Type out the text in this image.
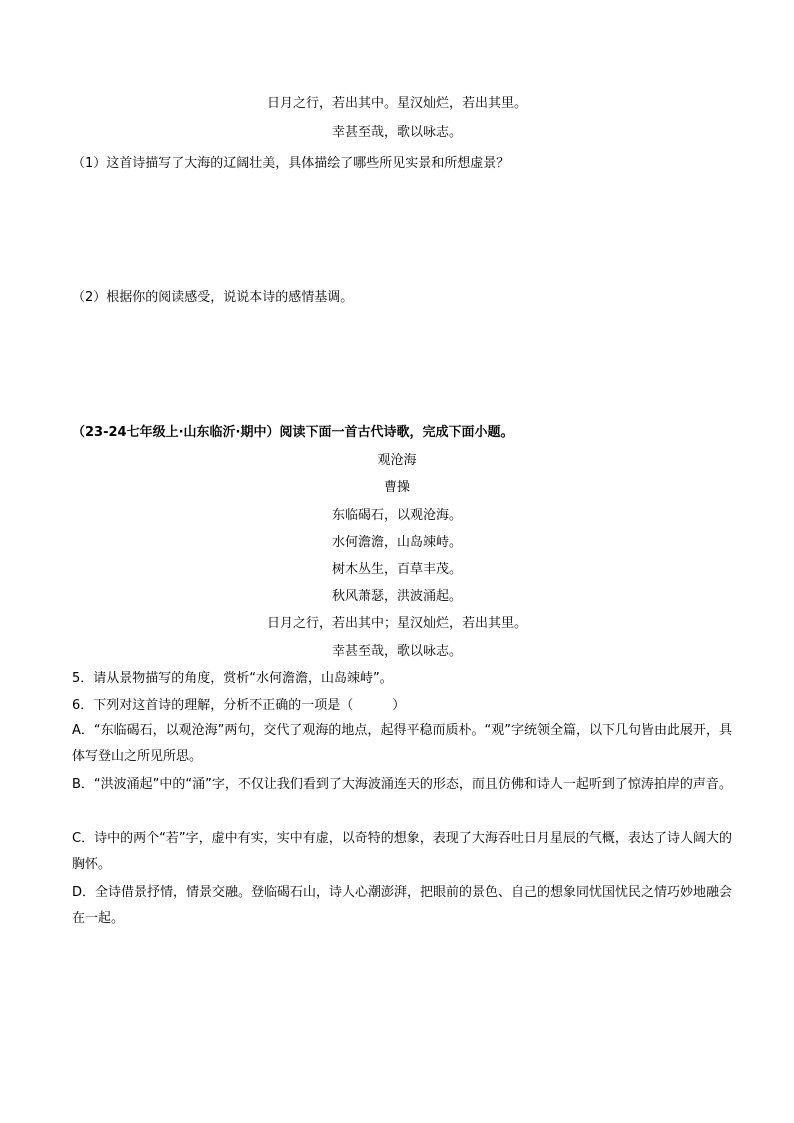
日月之行，若出其中。星汉灿烂，若出其里。
幸甚至哉，歌以咏志。
（1）这首诗描写了大海的辽阔壮美，具体描绘了哪些所见实景和所想虚景？
（2）根据你的阅读感受，说说本诗的感情基调。
（23-24七年级上·山东临沂·期中）阅读下面一首古代诗歌，完成下面小题。
观沧海
曹操
东临碣石，以观沧海。
水何澹澹，山岛竦峙。
树木丛生，百草丰茂。
秋风萧瑟，洪波涌起。
日月之行，若出其中；星汉灿烂，若出其里。
幸甚至哉，歌以咏志。
5．请从景物描写的角度，赏析“水何澹澹，山岛竦峙”。
6．下列对这首诗的理解，分析不正确的一项是（　　　）
A．“东临碣石，以观沧海”两句，交代了观海的地点，起得平稳而质朴。“观”字统领全篇，以下几句皆由此展开，具体写登山之所见所思。
B．“洪波涌起”中的“涌”字，不仅让我们看到了大海波涌连天的形态，而且仿佛和诗人一起听到了惊涛拍岸的声音。
C．诗中的两个“若”字，虚中有实，实中有虚，以奇特的想象，表现了大海吞吐日月星辰的气概，表达了诗人阔大的胸怀。
D．全诗借景抒情，情景交融。登临碣石山，诗人心潮澎湃，把眼前的景色、自己的想象同忧国忧民之情巧妙地融会在一起。
